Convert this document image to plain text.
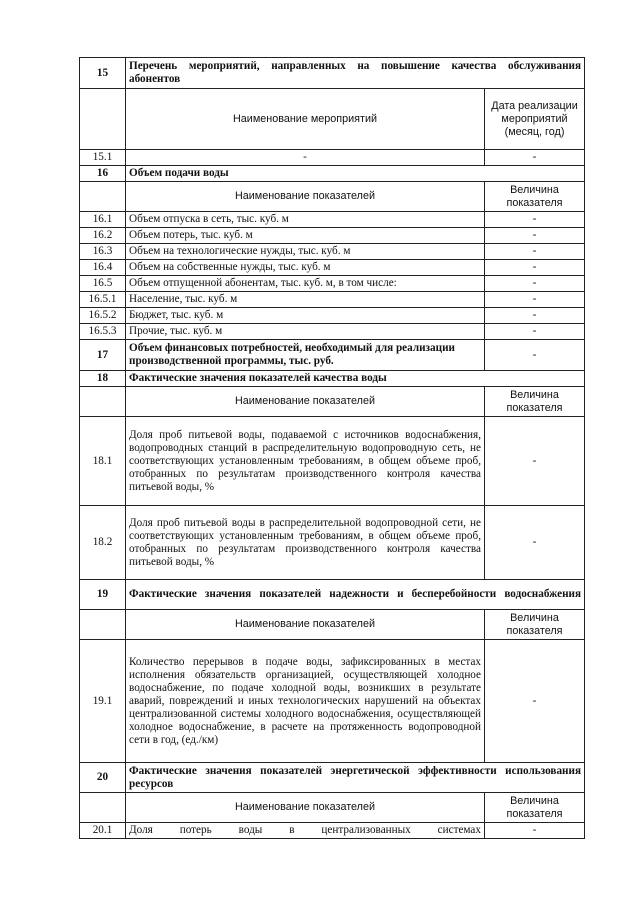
15	Перечень мероприятий, направленных на повышение качества обслуживания абонентов	
	Наименование мероприятий	Дата реализации мероприятий (месяц, год)
15.1	-	-
16	Объем подачи воды	
	Наименование показателей	Величина показателя
16.1	Объем отпуска в сеть, тыс. куб. м	-
16.2	Объем потерь, тыс. куб. м	-
16.3	Объем на технологические нужды, тыс. куб. м	-
16.4	Объем на собственные нужды, тыс. куб. м	-
16.5	Объем отпущенной абонентам, тыс. куб. м, в том числе:	-
16.5.1	Население, тыс. куб. м	-
16.5.2	Бюджет, тыс. куб. м	-
16.5.3	Прочие, тыс. куб. м	-
17	Объем финансовых потребностей, необходимый для реализации производственной программы, тыс. руб.	-
18	Фактические значения показателей качества воды	
	Наименование показателей	Величина показателя
18.1	Доля проб питьевой воды, подаваемой с источников водоснабжения, водопроводных станций в распределительную водопроводную сеть, не соответствующих установленным требованиям, в общем объеме проб, отобранных по результатам производственного контроля качества питьевой воды, %	-
18.2	Доля проб питьевой воды в распределительной водопроводной сети, не соответствующих установленным требованиям, в общем объеме проб, отобранных по результатам производственного контроля качества питьевой воды, %	-
19	Фактические значения показателей надежности и бесперебойности водоснабжения	
	Наименование показателей	Величина показателя
19.1	Количество перерывов в подаче воды, зафиксированных в местах исполнения обязательств организацией, осуществляющей холодное водоснабжение, по подаче холодной воды, возникших в результате аварий, повреждений и иных технологических нарушений на объектах централизованной системы холодного водоснабжения, осуществляющей холодное водоснабжение, в расчете на протяженность водопроводной сети в год, (ед./км)	-
20	Фактические значения показателей энергетической эффективности использования ресурсов	
	Наименование показателей	Величина показателя
20.1	Доля потерь воды в централизованных системах	-
